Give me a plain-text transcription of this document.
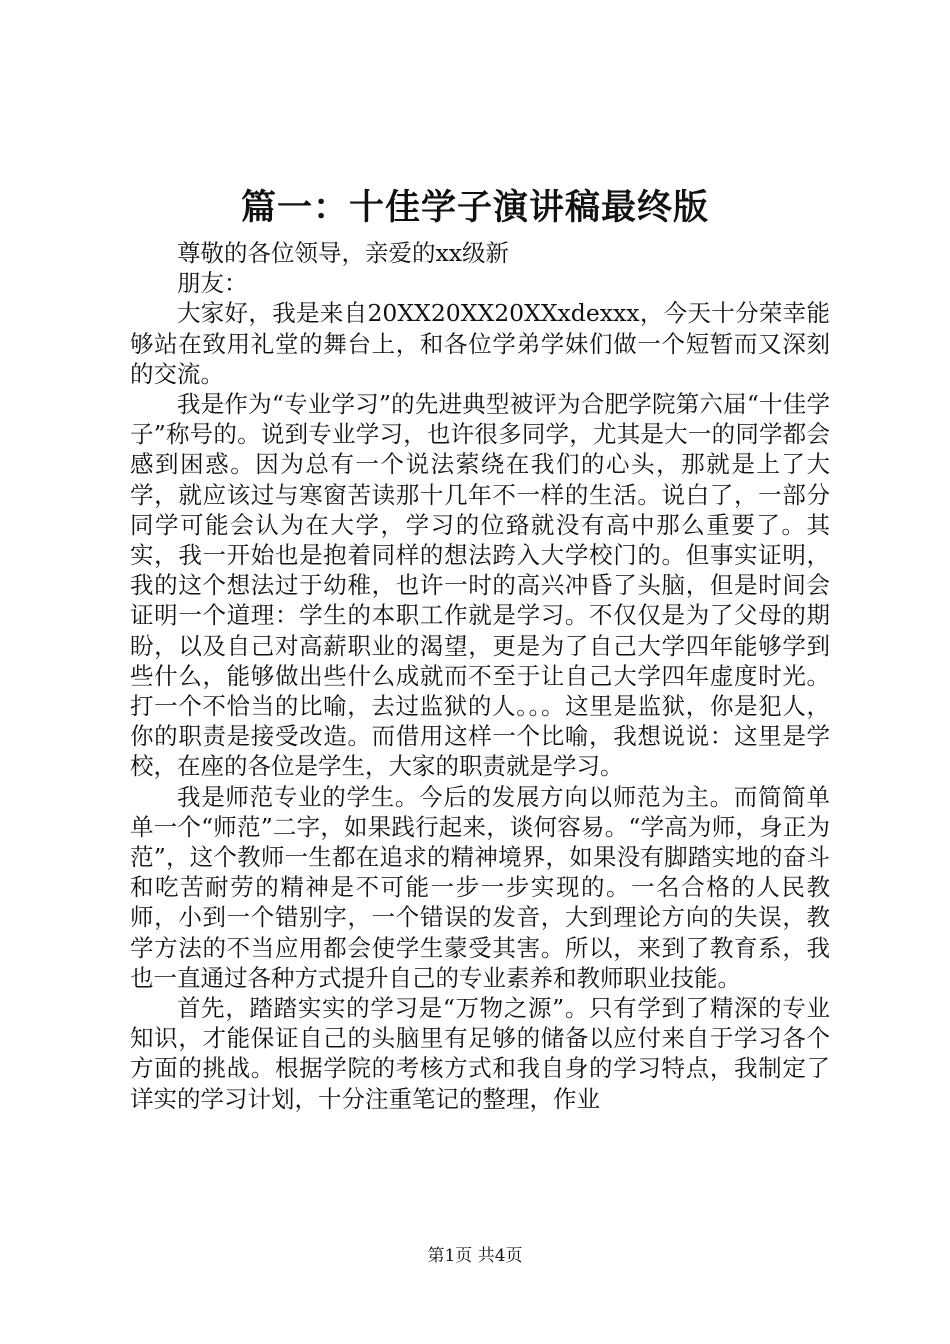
篇一：十佳学子演讲稿最终版

尊敬的各位领导，亲爱的xx级新

朋友：

大家好，我是来自20XX20XX20XXxdexxx，今天十分荣幸能够站在致用礼堂的舞台上，和各位学弟学妹们做一个短暂而又深刻的交流。

我是作为“专业学习”的先进典型被评为合肥学院第六届“十佳学子”称号的。说到专业学习，也许很多同学，尤其是大一的同学都会感到困惑。因为总有一个说法萦绕在我们的心头，那就是上了大学，就应该过与寒窗苦读那十几年不一样的生活。说白了，一部分同学可能会认为在大学，学习的位臵就没有高中那么重要了。其实，我一开始也是抱着同样的想法跨入大学校门的。但事实证明，我的这个想法过于幼稚，也许一时的高兴冲昏了头脑，但是时间会证明一个道理：学生的本职工作就是学习。不仅仅是为了父母的期盼，以及自己对高薪职业的渴望，更是为了自己大学四年能够学到些什么，能够做出些什么成就而不至于让自己大学四年虚度时光。打一个不恰当的比喻，去过监狱的人。。。这里是监狱，你是犯人，你的职责是接受改造。而借用这样一个比喻，我想说说：这里是学校，在座的各位是学生，大家的职责就是学习。

我是师范专业的学生。今后的发展方向以师范为主。而简简单单一个“师范”二字，如果践行起来，谈何容易。“学高为师，身正为范”，这个教师一生都在追求的精神境界，如果没有脚踏实地的奋斗和吃苦耐劳的精神是不可能一步一步实现的。一名合格的人民教师，小到一个错别字，一个错误的发音，大到理论方向的失误，教学方法的不当应用都会使学生蒙受其害。所以，来到了教育系，我也一直通过各种方式提升自己的专业素养和教师职业技能。

首先，踏踏实实的学习是“万物之源”。只有学到了精深的专业知识，才能保证自己的头脑里有足够的储备以应付来自于学习各个方面的挑战。根据学院的考核方式和我自身的学习特点，我制定了详实的学习计划，十分注重笔记的整理，作业

第1页 共4页
